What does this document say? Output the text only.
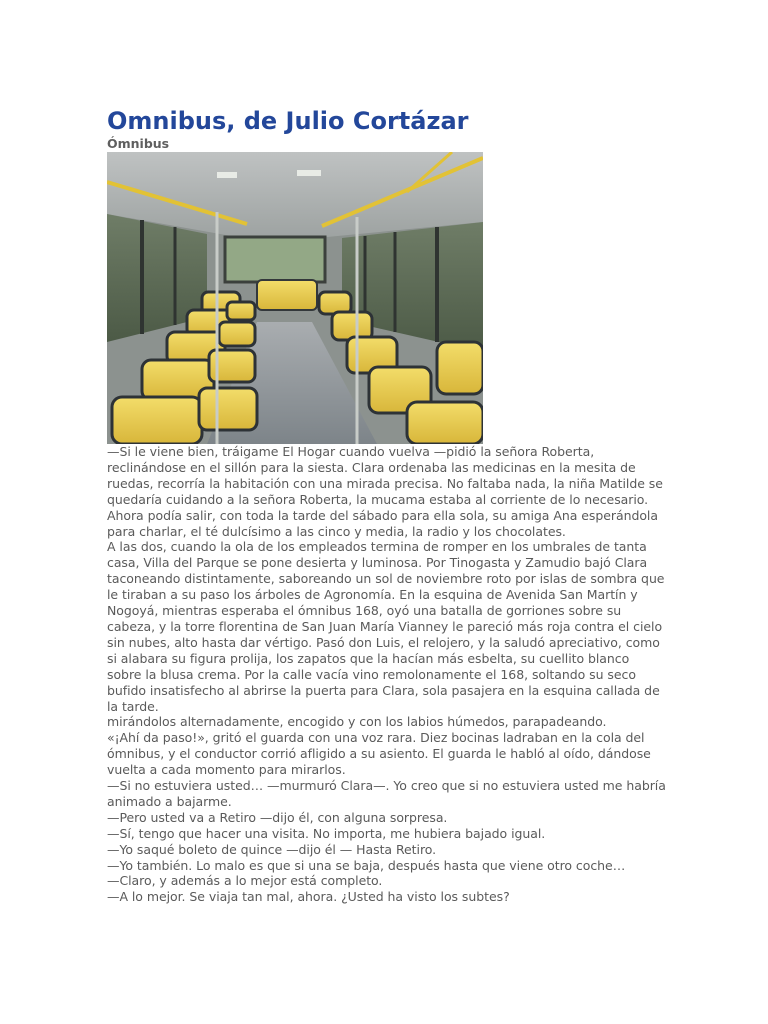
Omnibus, de Julio Cortázar
Ómnibus

—Si le viene bien, tráigame El Hogar cuando vuelva —pidió la señora Roberta, reclinándose en el sillón para la siesta. Clara ordenaba las medicinas en la mesita de ruedas, recorría la habitación con una mirada precisa. No faltaba nada, la niña Matilde se quedaría cuidando a la señora Roberta, la mucama estaba al corriente de lo necesario. Ahora podía salir, con toda la tarde del sábado para ella sola, su amiga Ana esperándola para charlar, el té dulcísimo a las cinco y media, la radio y los chocolates.

A las dos, cuando la ola de los empleados termina de romper en los umbrales de tanta casa, Villa del Parque se pone desierta y luminosa. Por Tinogasta y Zamudio bajó Clara taconeando distintamente, saboreando un sol de noviembre roto por islas de sombra que le tiraban a su paso los árboles de Agronomía. En la esquina de Avenida San Martín y Nogoyá, mientras esperaba el ómnibus 168, oyó una batalla de gorriones sobre su cabeza, y la torre florentina de San Juan María Vianney le pareció más roja contra el cielo sin nubes, alto hasta dar vértigo. Pasó don Luis, el relojero, y la saludó apreciativo, como si alabara su figura prolija, los zapatos que la hacían más esbelta, su cuellito blanco sobre la blusa crema. Por la calle vacía vino remolonamente el 168, soltando su seco bufido insatisfecho al abrirse la puerta para Clara, sola pasajera en la esquina callada de la tarde.

mirándolos alternadamente, encogido y con los labios húmedos, parapadeando.

«¡Ahí da paso!», gritó el guarda con una voz rara. Diez bocinas ladraban en la cola del ómnibus, y el conductor corrió afligido a su asiento. El guarda le habló al oído, dándose vuelta a cada momento para mirarlos.

—Si no estuviera usted… —murmuró Clara—. Yo creo que si no estuviera usted me habría animado a bajarme.

—Pero usted va a Retiro —dijo él, con alguna sorpresa.

—Sí, tengo que hacer una visita. No importa, me hubiera bajado igual.

—Yo saqué boleto de quince —dijo él — Hasta Retiro.

—Yo también. Lo malo es que si una se baja, después hasta que viene otro coche…

—Claro, y además a lo mejor está completo.

—A lo mejor. Se viaja tan mal, ahora. ¿Usted ha visto los subtes?
